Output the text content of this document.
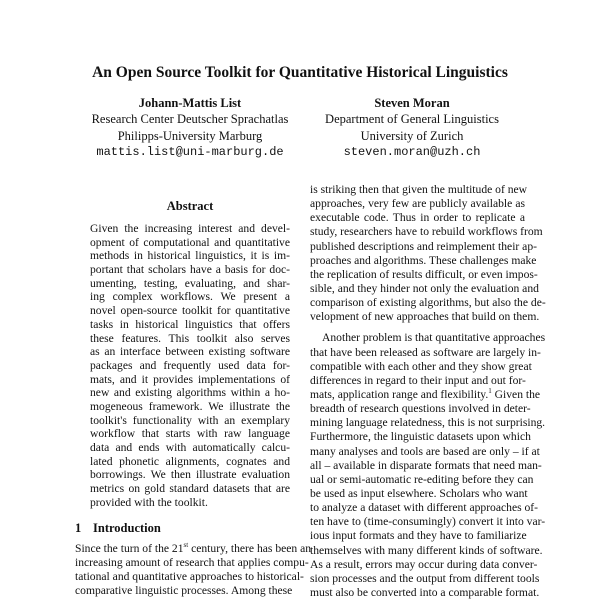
An Open Source Toolkit for Quantitative Historical Linguistics
Johann-Mattis List
Research Center Deutscher Sprachatlas
Philipps-University Marburg
mattis.list@uni-marburg.de
Steven Moran
Department of General Linguistics
University of Zurich
steven.moran@uzh.ch
Abstract
Given the increasing interest and devel-
opment of computational and quantitative
methods in historical linguistics, it is im-
portant that scholars have a basis for doc-
umenting, testing, evaluating, and shar-
ing complex workflows. We present a
novel open-source toolkit for quantitative
tasks in historical linguistics that offers
these features. This toolkit also serves
as an interface between existing software
packages and frequently used data for-
mats, and it provides implementations of
new and existing algorithms within a ho-
mogeneous framework. We illustrate the
toolkit's functionality with an exemplary
workflow that starts with raw language
data and ends with automatically calcu-
lated phonetic alignments, cognates and
borrowings. We then illustrate evaluation
metrics on gold standard datasets that are
provided with the toolkit.
1 Introduction
Since the turn of the 21st century, there has been an
increasing amount of research that applies compu-
tational and quantitative approaches to historical-
comparative linguistic processes. Among these
is striking then that given the multitude of new
approaches, very few are publicly available as
executable code. Thus in order to replicate a
study, researchers have to rebuild workflows from
published descriptions and reimplement their ap-
proaches and algorithms. These challenges make
the replication of results difficult, or even impos-
sible, and they hinder not only the evaluation and
comparison of existing algorithms, but also the de-
velopment of new approaches that build on them.
Another problem is that quantitative approaches
that have been released as software are largely in-
compatible with each other and they show great
differences in regard to their input and out for-
mats, application range and flexibility.$^1$ Given the
breadth of research questions involved in deter-
mining language relatedness, this is not surprising.
Furthermore, the linguistic datasets upon which
many analyses and tools are based are only – if at
all – available in disparate formats that need man-
ual or semi-automatic re-editing before they can
be used as input elsewhere. Scholars who want
to analyze a dataset with different approaches of-
ten have to (time-consumingly) convert it into var-
ious input formats and they have to familiarize
themselves with many different kinds of software.
As a result, errors may occur during data conver-
sion processes and the output from different tools
must also be converted into a comparable format.
